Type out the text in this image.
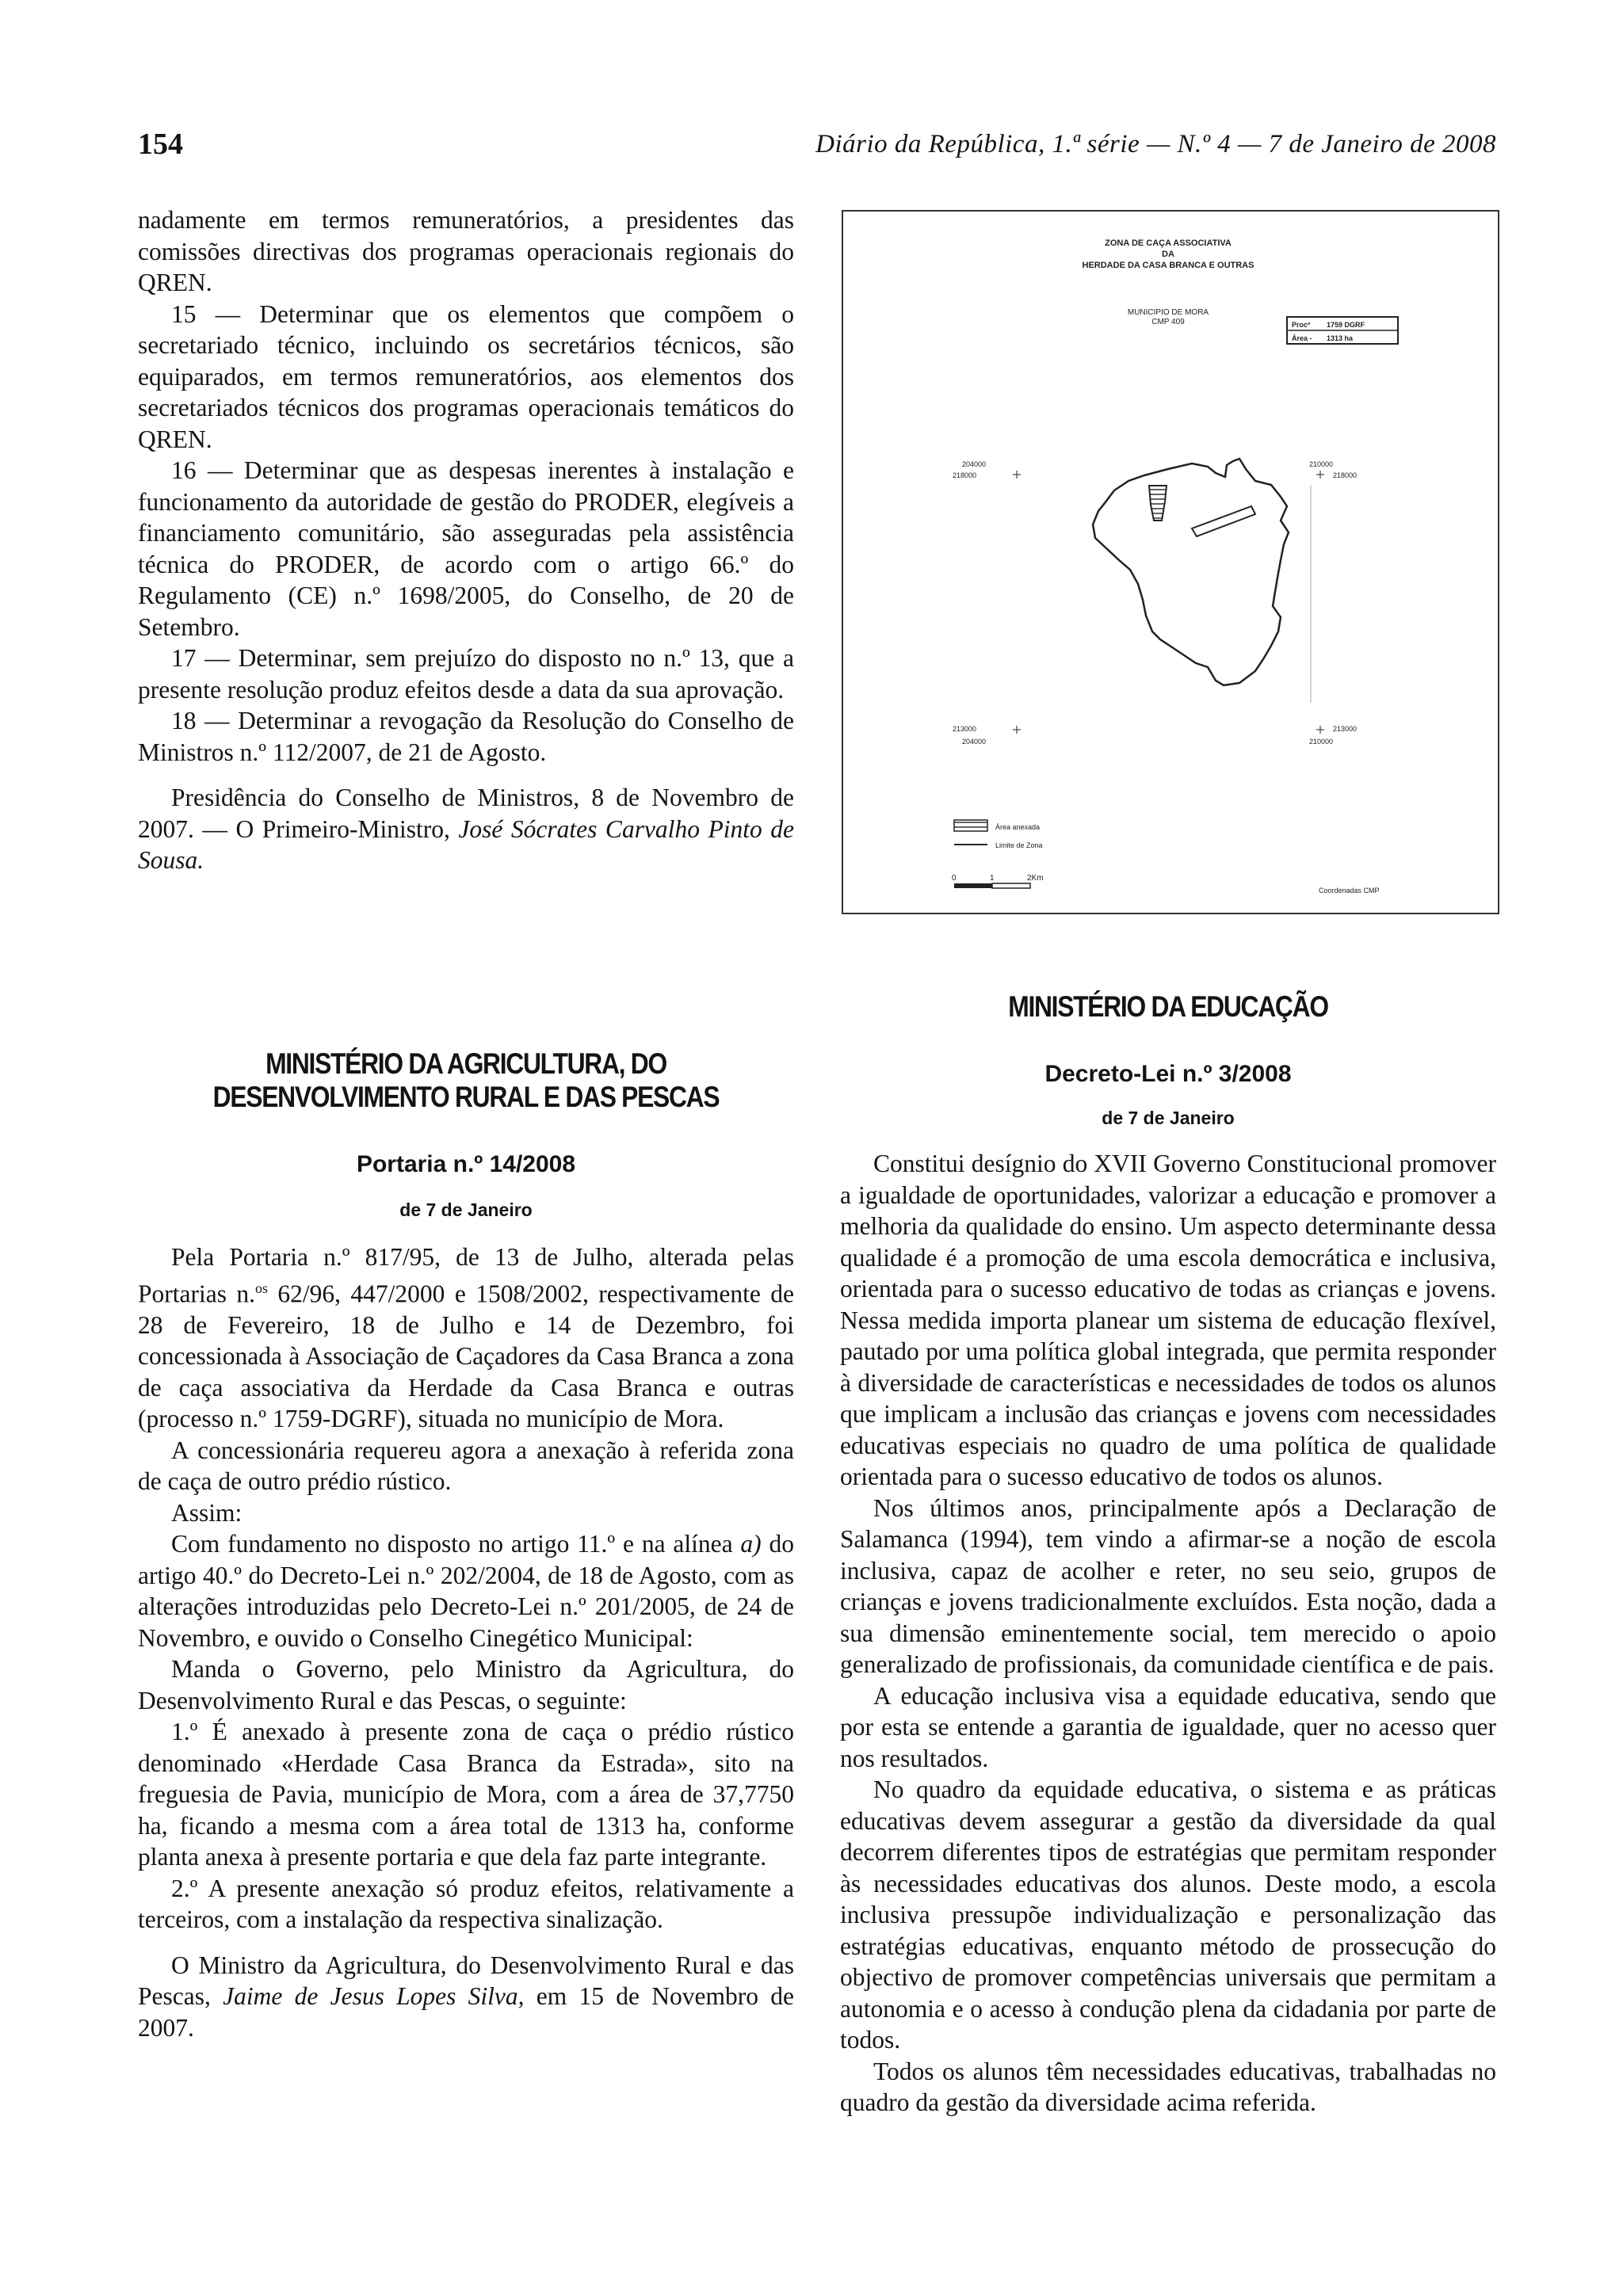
154	Diário da República, 1.ª série — N.º 4 — 7 de Janeiro de 2008

nadamente em termos remuneratórios, a presidentes das comissões directivas dos programas operacionais regionais do QREN.

15 — Determinar que os elementos que compõem o secretariado técnico, incluindo os secretários técnicos, são equiparados, em termos remuneratórios, aos elementos dos secretariados técnicos dos programas operacionais temáticos do QREN.

16 — Determinar que as despesas inerentes à instalação e funcionamento da autoridade de gestão do PRODER, elegíveis a financiamento comunitário, são asseguradas pela assistência técnica do PRODER, de acordo com o artigo 66.º do Regulamento (CE) n.º 1698/2005, do Conselho, de 20 de Setembro.

17 — Determinar, sem prejuízo do disposto no n.º 13, que a presente resolução produz efeitos desde a data da sua aprovação.

18 — Determinar a revogação da Resolução do Conselho de Ministros n.º 112/2007, de 21 de Agosto.

Presidência do Conselho de Ministros, 8 de Novembro de 2007. — O Primeiro-Ministro, José Sócrates Carvalho Pinto de Sousa.

MINISTÉRIO DA AGRICULTURA, DO DESENVOLVIMENTO RURAL E DAS PESCAS
Portaria n.º 14/2008
de 7 de Janeiro

Pela Portaria n.º 817/95, de 13 de Julho, alterada pelas Portarias n.$^{os}$ 62/96, 447/2000 e 1508/2002, respectivamente de 28 de Fevereiro, 18 de Julho e 14 de Dezembro, foi concessionada à Associação de Caçadores da Casa Branca a zona de caça associativa da Herdade da Casa Branca e outras (processo n.º 1759-DGRF), situada no município de Mora.

A concessionária requereu agora a anexação à referida zona de caça de outro prédio rústico.

Assim:

Com fundamento no disposto no artigo 11.º e na alínea a) do artigo 40.º do Decreto-Lei n.º 202/2004, de 18 de Agosto, com as alterações introduzidas pelo Decreto-Lei n.º 201/2005, de 24 de Novembro, e ouvido o Conselho Cinegético Municipal:

Manda o Governo, pelo Ministro da Agricultura, do Desenvolvimento Rural e das Pescas, o seguinte:

1.º É anexado à presente zona de caça o prédio rústico denominado «Herdade Casa Branca da Estrada», sito na freguesia de Pavia, município de Mora, com a área de 37,7750 ha, ficando a mesma com a área total de 1313 ha, conforme planta anexa à presente portaria e que dela faz parte integrante.

2.º A presente anexação só produz efeitos, relativamente a terceiros, com a instalação da respectiva sinalização.

O Ministro da Agricultura, do Desenvolvimento Rural e das Pescas, Jaime de Jesus Lopes Silva, em 15 de Novembro de 2007.

ZONA DE CAÇA ASSOCIATIVA
DA
HERDADE DA CASA BRANCA E OUTRAS
MUNICIPIO DE MORA
CMP 409	Procº 1759 DGRF
Área - 1313 ha
204000
218000
210000
218000
213000
204000
213000
210000
Área anexada
Limite de Zona
0	1	2Km
Coordenadas CMP
MINISTÉRIO DA EDUCAÇÃO
Decreto-Lei n.º 3/2008
de 7 de Janeiro

Constitui desígnio do XVII Governo Constitucional promover a igualdade de oportunidades, valorizar a educação e promover a melhoria da qualidade do ensino. Um aspecto determinante dessa qualidade é a promoção de uma escola democrática e inclusiva, orientada para o sucesso educativo de todas as crianças e jovens. Nessa medida importa planear um sistema de educação flexível, pautado por uma política global integrada, que permita responder à diversidade de características e necessidades de todos os alunos que implicam a inclusão das crianças e jovens com necessidades educativas especiais no quadro de uma política de qualidade orientada para o sucesso educativo de todos os alunos.

Nos últimos anos, principalmente após a Declaração de Salamanca (1994), tem vindo a afirmar-se a noção de escola inclusiva, capaz de acolher e reter, no seu seio, grupos de crianças e jovens tradicionalmente excluídos. Esta noção, dada a sua dimensão eminentemente social, tem merecido o apoio generalizado de profissionais, da comunidade científica e de pais.

A educação inclusiva visa a equidade educativa, sendo que por esta se entende a garantia de igualdade, quer no acesso quer nos resultados.

No quadro da equidade educativa, o sistema e as práticas educativas devem assegurar a gestão da diversidade da qual decorrem diferentes tipos de estratégias que permitam responder às necessidades educativas dos alunos. Deste modo, a escola inclusiva pressupõe individualização e personalização das estratégias educativas, enquanto método de prossecução do objectivo de promover competências universais que permitam a autonomia e o acesso à condução plena da cidadania por parte de todos.

Todos os alunos têm necessidades educativas, trabalhadas no quadro da gestão da diversidade acima referida.
